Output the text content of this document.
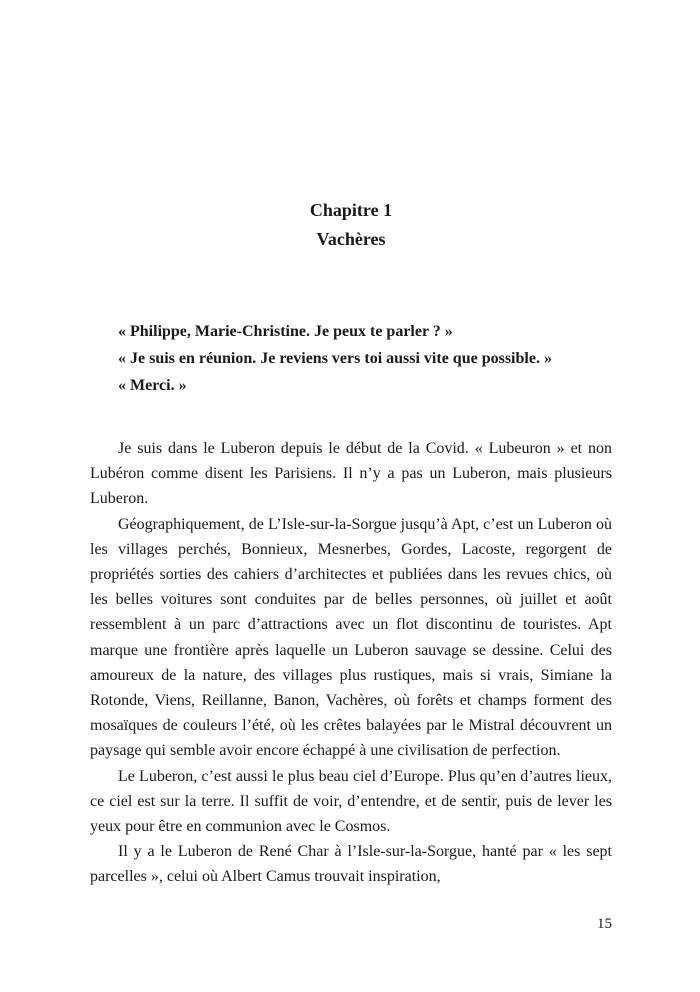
Chapitre 1
Vachères
« Philippe, Marie-Christine. Je peux te parler ? »
« Je suis en réunion. Je reviens vers toi aussi vite que possible. »
« Merci. »

Je suis dans le Luberon depuis le début de la Covid. « Lubeuron » et non Lubéron comme disent les Parisiens. Il n’y a pas un Luberon, mais plusieurs Luberon.

Géographiquement, de L’Isle-sur-la-Sorgue jusqu’à Apt, c’est un Luberon où les villages perchés, Bonnieux, Mesnerbes, Gordes, Lacoste, regorgent de propriétés sorties des cahiers d’architectes et publiées dans les revues chics, où les belles voitures sont conduites par de belles personnes, où juillet et août ressemblent à un parc d’attractions avec un flot discontinu de touristes. Apt marque une frontière après laquelle un Luberon sauvage se dessine. Celui des amoureux de la nature, des villages plus rustiques, mais si vrais, Simiane la Rotonde, Viens, Reillanne, Banon, Vachères, où forêts et champs forment des mosaïques de couleurs l’été, où les crêtes balayées par le Mistral découvrent un paysage qui semble avoir encore échappé à une civilisation de perfection.

Le Luberon, c’est aussi le plus beau ciel d’Europe. Plus qu’en d’autres lieux, ce ciel est sur la terre. Il suffit de voir, d’entendre, et de sentir, puis de lever les yeux pour être en communion avec le Cosmos.

Il y a le Luberon de René Char à l’Isle-sur-la-Sorgue, hanté par « les sept parcelles », celui où Albert Camus trouvait inspiration,

15
